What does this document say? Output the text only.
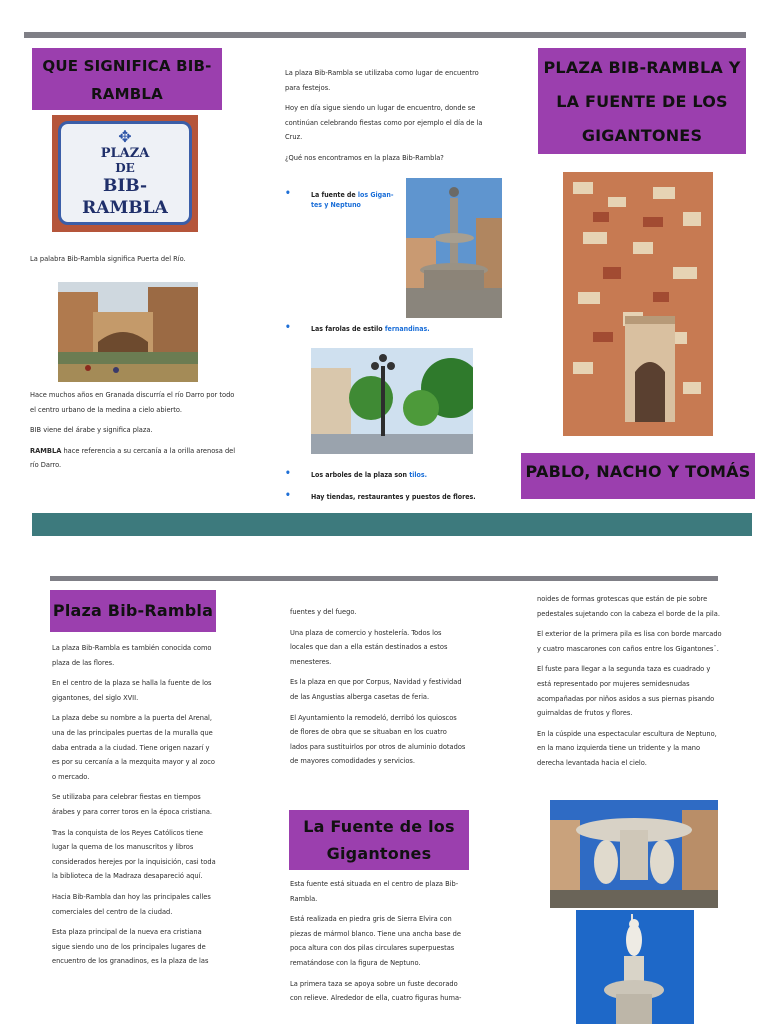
QUE SIGNIFICA BIB-RAMBLA
✥
PLAZA
DE
BIB-RAMBLA

La palabra Bib-Rambla significa Puerta del Río.

Hace muchos años en Granada discurría el río Darro por todo el centro urbano de la medina a cielo abierto.

BIB viene del árabe y significa plaza.

RAMBLA hace referencia a su cercanía a la orilla arenosa del río Darro.

La plaza Bib-Rambla se utilizaba como lugar de encuentro para festejos.

Hoy en día sigue siendo un lugar de encuentro, donde se continúan celebrando fiestas como por ejemplo el día de la Cruz.

¿Qué nos encontramos en la plaza Bib-Rambla?

•	La fuente de los Gigan-tes y Neptuno
•	Las farolas de estilo fernandinas.
•	Los arboles de la plaza son tilos.
•	Hay tiendas, restaurantes y puestos de flores.
PLAZA BIB-RAMBLA Y LA FUENTE DE LOS GIGANTONES
PABLO, NACHO Y TOMÁS
Plaza Bib-Rambla

La plaza Bib-Rambla es también conocida como plaza de las flores.

En el centro de la plaza se halla la fuente de los gigantones, del siglo XVII.

La plaza debe su nombre a la puerta del Arenal, una de las principales puertas de la muralla que daba entrada a la ciudad. Tiene origen nazarí y es por su cercanía a la mezquita mayor y al zoco o mercado.

Se utilizaba para celebrar fiestas en tiempos árabes y para correr toros en la época cristiana.

Tras la conquista de los Reyes Católicos tiene lugar la quema de los manuscritos y libros considerados herejes por la inquisición, casi toda la biblioteca de la Madraza desapareció aquí.

Hacia Bib-Rambla dan hoy las principales calles comerciales del centro de la ciudad.

Esta plaza principal de la nueva era cristiana sigue siendo uno de los principales lugares de encuentro de los granadinos, es la plaza de las

fuentes y del fuego.

Una plaza de comercio y hostelería. Todos los locales que dan a ella están destinados a estos menesteres.

Es la plaza en que por Corpus, Navidad y festividad de las Angustias alberga casetas de feria.

El Ayuntamiento la remodeló, derribó los quioscos de flores de obra que se situaban en los cuatro lados para sustituirlos por otros de aluminio dotados de mayores comodidades y servicios.

La Fuente de los Gigantones

Esta fuente está situada en el centro de plaza Bib-Rambla.

Está realizada en piedra gris de Sierra Elvira con piezas de mármol blanco. Tiene una ancha base de poca altura con dos pilas circulares superpuestas rematándose con la figura de Neptuno.

La primera taza se apoya sobre un fuste decorado con relieve. Alrededor de ella, cuatro figuras huma-

noides de formas grotescas que están de pie sobre pedestales sujetando con la cabeza el borde de la pila.

El exterior de la primera pila es lisa con borde marcado y cuatro mascarones con caños entre los Gigantones¨.

El fuste para llegar a la segunda taza es cuadrado y está representado por mujeres semidesnudas acompañadas por niños asidos a sus piernas pisando guirnaldas de frutos y flores.

En la cúspide una espectacular escultura de Neptuno, en la mano izquierda tiene un tridente y la mano derecha levantada hacia el cielo.
